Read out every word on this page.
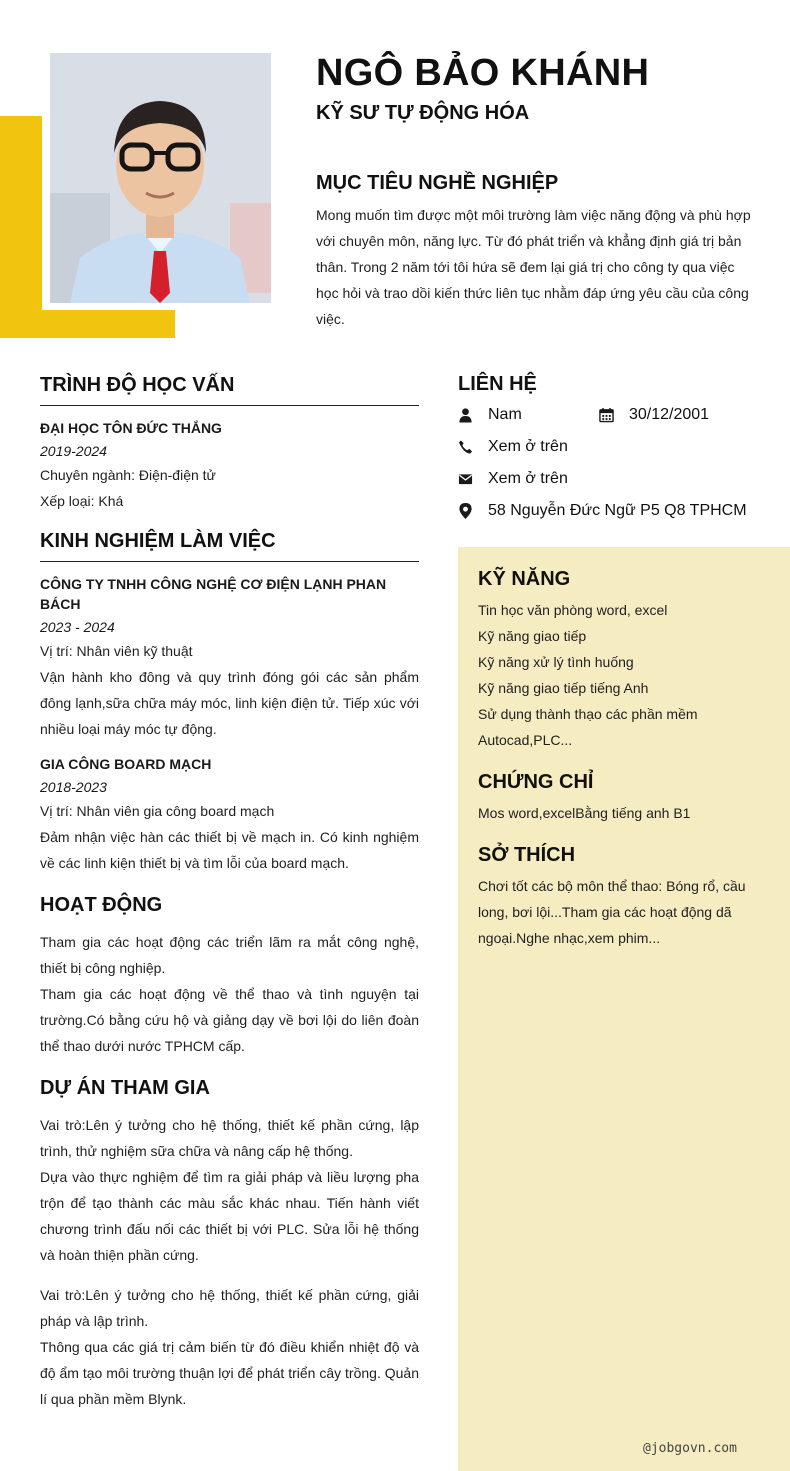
NGÔ BẢO KHÁNH
KỸ SƯ TỰ ĐỘNG HÓA
MỤC TIÊU NGHỀ NGHIỆP
Mong muốn tìm được một môi trường làm việc năng động và phù hợp với chuyên môn, năng lực. Từ đó phát triển và khẳng định giá trị bản thân. Trong 2 năm tới tôi hứa sẽ đem lại giá trị cho công ty qua việc học hỏi và trao dồi kiến thức liên tục nhằm đáp ứng yêu cầu của công việc.
TRÌNH ĐỘ HỌC VẤN
ĐẠI HỌC TÔN ĐỨC THẮNG
2019-2024
Chuyên ngành: Điện-điện tử
Xếp loại: Khá
KINH NGHIỆM LÀM VIỆC
CÔNG TY TNHH CÔNG NGHỆ CƠ ĐIỆN LẠNH PHAN BÁCH
2023 - 2024
Vị trí: Nhân viên kỹ thuật
Vận hành kho đông và quy trình đóng gói các sản phẩm đông lạnh,sữa chữa máy móc, linh kiện điện tử. Tiếp xúc với nhiều loại máy móc tự động.
GIA CÔNG BOARD MẠCH
2018-2023
Vị trí: Nhân viên gia công board mạch
Đảm nhận việc hàn các thiết bị về mạch in. Có kinh nghiệm về các linh kiện thiết bị và tìm lỗi của board mạch.
HOẠT ĐỘNG
Tham gia các hoạt động các triển lãm ra mắt công nghệ, thiết bị công nghiệp.
Tham gia các hoạt động về thể thao và tình nguyện tại trường.Có bằng cứu hộ và giảng dạy về bơi lội do liên đoàn thể thao dưới nước TPHCM cấp.
DỰ ÁN THAM GIA
Vai trò:Lên ý tưởng cho hệ thống, thiết kế phần cứng, lập trình, thử nghiệm sữa chữa và nâng cấp hệ thống.
Dựa vào thực nghiệm để tìm ra giải pháp và liều lượng pha trộn để tạo thành các màu sắc khác nhau. Tiến hành viết chương trình đấu nối các thiết bị với PLC. Sửa lỗi hệ thống và hoàn thiện phần cứng.
Vai trò:Lên ý tưởng cho hệ thống, thiết kế phần cứng, giải pháp và lập trình.
Thông qua các giá trị cảm biến từ đó điều khiển nhiệt độ và độ ẩm tạo môi trường thuận lợi để phát triển cây trồng. Quản lí qua phần mềm Blynk.
LIÊN HỆ
Nam	30/12/2001
Xem ở trên
Xem ở trên
58 Nguyễn Đức Ngữ P5 Q8 TPHCM
KỸ NĂNG
Tin học văn phòng word, excel
Kỹ năng giao tiếp
Kỹ năng xử lý tình huống
Kỹ năng giao tiếp tiếng Anh
Sử dụng thành thạo các phần mềm Autocad,PLC...
CHỨNG CHỈ
Mos word,excelBằng tiếng anh B1
SỞ THÍCH
Chơi tốt các bộ môn thể thao: Bóng rổ, cầu long, bơi lội...Tham gia các hoạt động dã ngoại.Nghe nhạc,xem phim...
@jobgovn.com
